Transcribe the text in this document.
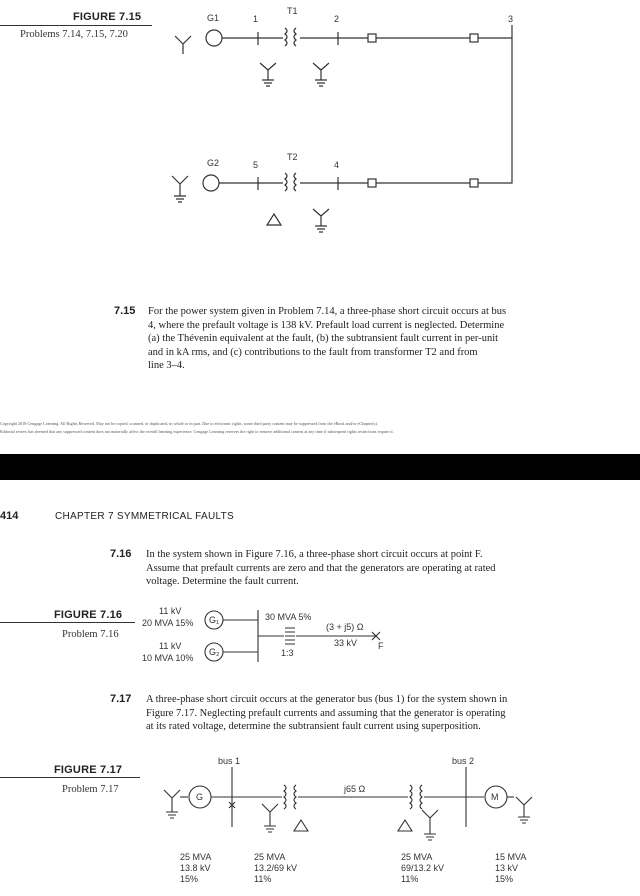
FIGURE 7.15
Problems 7.14, 7.15, 7.20
G1
T1
1	2	3
G2
T2
5	4
7.15 For the power system given in Problem 7.14, a three-phase short circuit occurs at bus
4, where the prefault voltage is 138 kV. Prefault load current is neglected. Determine
(a) the Thévenin equivalent at the fault, (b) the subtransient fault current in per-unit
and in kA rms, and (c) contributions to the fault from transformer T2 and from
line 3–4.
Copyright 2018 Cengage Learning. All Rights Reserved. May not be copied, scanned, or duplicated, in whole or in part. Due to electronic rights, some third party content may be suppressed from the eBook and/or eChapter(s).
Editorial review has deemed that any suppressed content does not materially affect the overall learning experience. Cengage Learning reserves the right to remove additional content at any time if subsequent rights restrictions require it.
414	CHAPTER 7 SYMMETRICAL FAULTS
7.16 In the system shown in Figure 7.16, a three-phase short circuit occurs at point F.
Assume that prefault currents are zero and that the generators are operating at rated
voltage. Determine the fault current.
FIGURE 7.16
Problem 7.16
11 kV
20 MVA 15%
11 kV
10 MVA 10%
G₁
G₂
30 MVA 5%
1:3
(3 + j5) Ω
33 kV F
7.17 A three-phase short circuit occurs at the generator bus (bus 1) for the system shown in
Figure 7.17. Neglecting prefault currents and assuming that the generator is operating
at its rated voltage, determine the subtransient fault current using superposition.
FIGURE 7.17
Problem 7.17
bus 1	bus 2
G	M
j65 Ω
25 MVA
13.8 kV
15%
25 MVA
13.2/69 kV
11%
25 MVA
69/13.2 kV
11%
15 MVA
13 kV
15%
